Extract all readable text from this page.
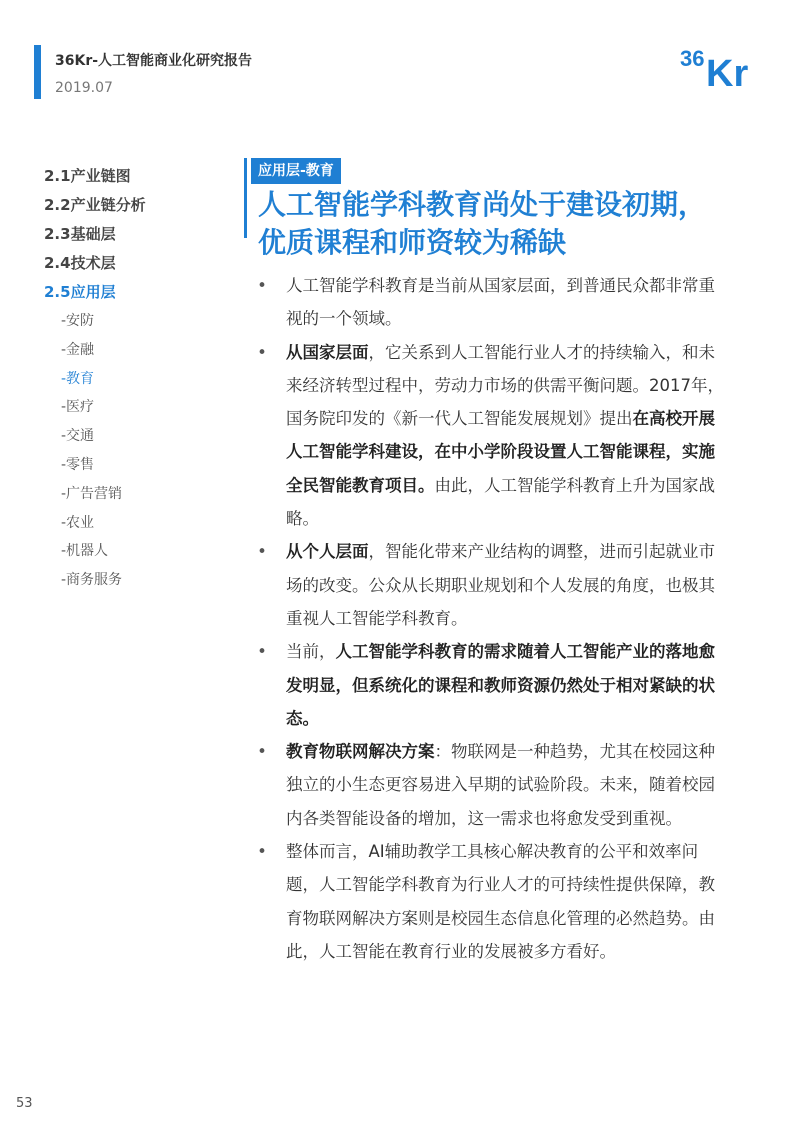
36Kr-人工智能商业化研究报告
2019.07
36 Kr
2.1产业链图
2.2产业链分析
2.3基础层
2.4技术层
2.5应用层
-安防
-金融
-教育
-医疗
-交通
-零售
-广告营销
-农业
-机器人
-商务服务
应用层-教育
人工智能学科教育尚处于建设初期，优质课程和师资较为稀缺
• 人工智能学科教育是当前从国家层面，到普通民众都非常重视的一个领域。
• 从国家层面，它关系到人工智能行业人才的持续输入，和未来经济转型过程中，劳动力市场的供需平衡问题。2017年，国务院印发的《新一代人工智能发展规划》提出在高校开展人工智能学科建设，在中小学阶段设置人工智能课程，实施全民智能教育项目。由此，人工智能学科教育上升为国家战略。
• 从个人层面，智能化带来产业结构的调整，进而引起就业市场的改变。公众从长期职业规划和个人发展的角度，也极其重视人工智能学科教育。
• 当前，人工智能学科教育的需求随着人工智能产业的落地愈发明显，但系统化的课程和教师资源仍然处于相对紧缺的状态。
• 教育物联网解决方案：物联网是一种趋势，尤其在校园这种独立的小生态更容易进入早期的试验阶段。未来，随着校园内各类智能设备的增加，这一需求也将愈发受到重视。
• 整体而言，AI辅助教学工具核心解决教育的公平和效率问题，人工智能学科教育为行业人才的可持续性提供保障，教育物联网解决方案则是校园生态信息化管理的必然趋势。由此，人工智能在教育行业的发展被多方看好。
53
